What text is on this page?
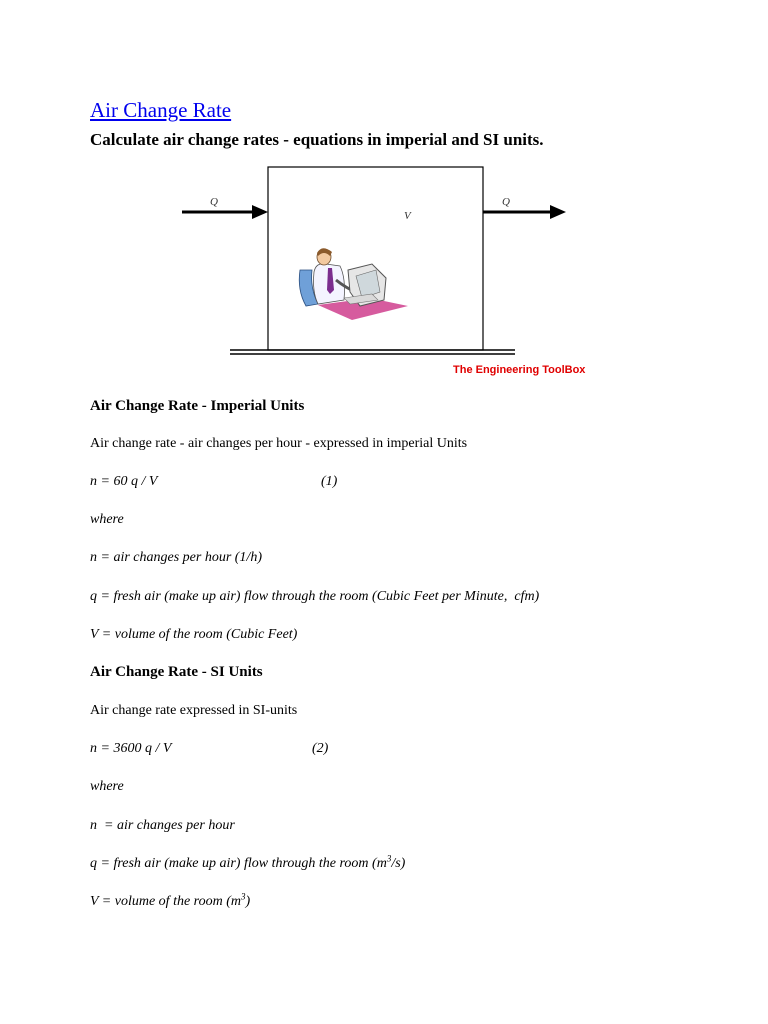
Air Change Rate
Calculate air change rates - equations in imperial and SI units.
Q	Q
V
The Engineering ToolBox
Air Change Rate - Imperial Units
Air change rate - air changes per hour - expressed in imperial Units
n = 60 q / V	(1)
where
n = air changes per hour (1/h)
q = fresh air (make up air) flow through the room (Cubic Feet per Minute,  cfm)
V = volume of the room (Cubic Feet)
Air Change Rate - SI Units
Air change rate expressed in SI-units
n = 3600 q / V	(2)
where
n  = air changes per hour
q = fresh air (make up air) flow through the room $(m^3/s)$
V = volume of the room $(m^3)$
